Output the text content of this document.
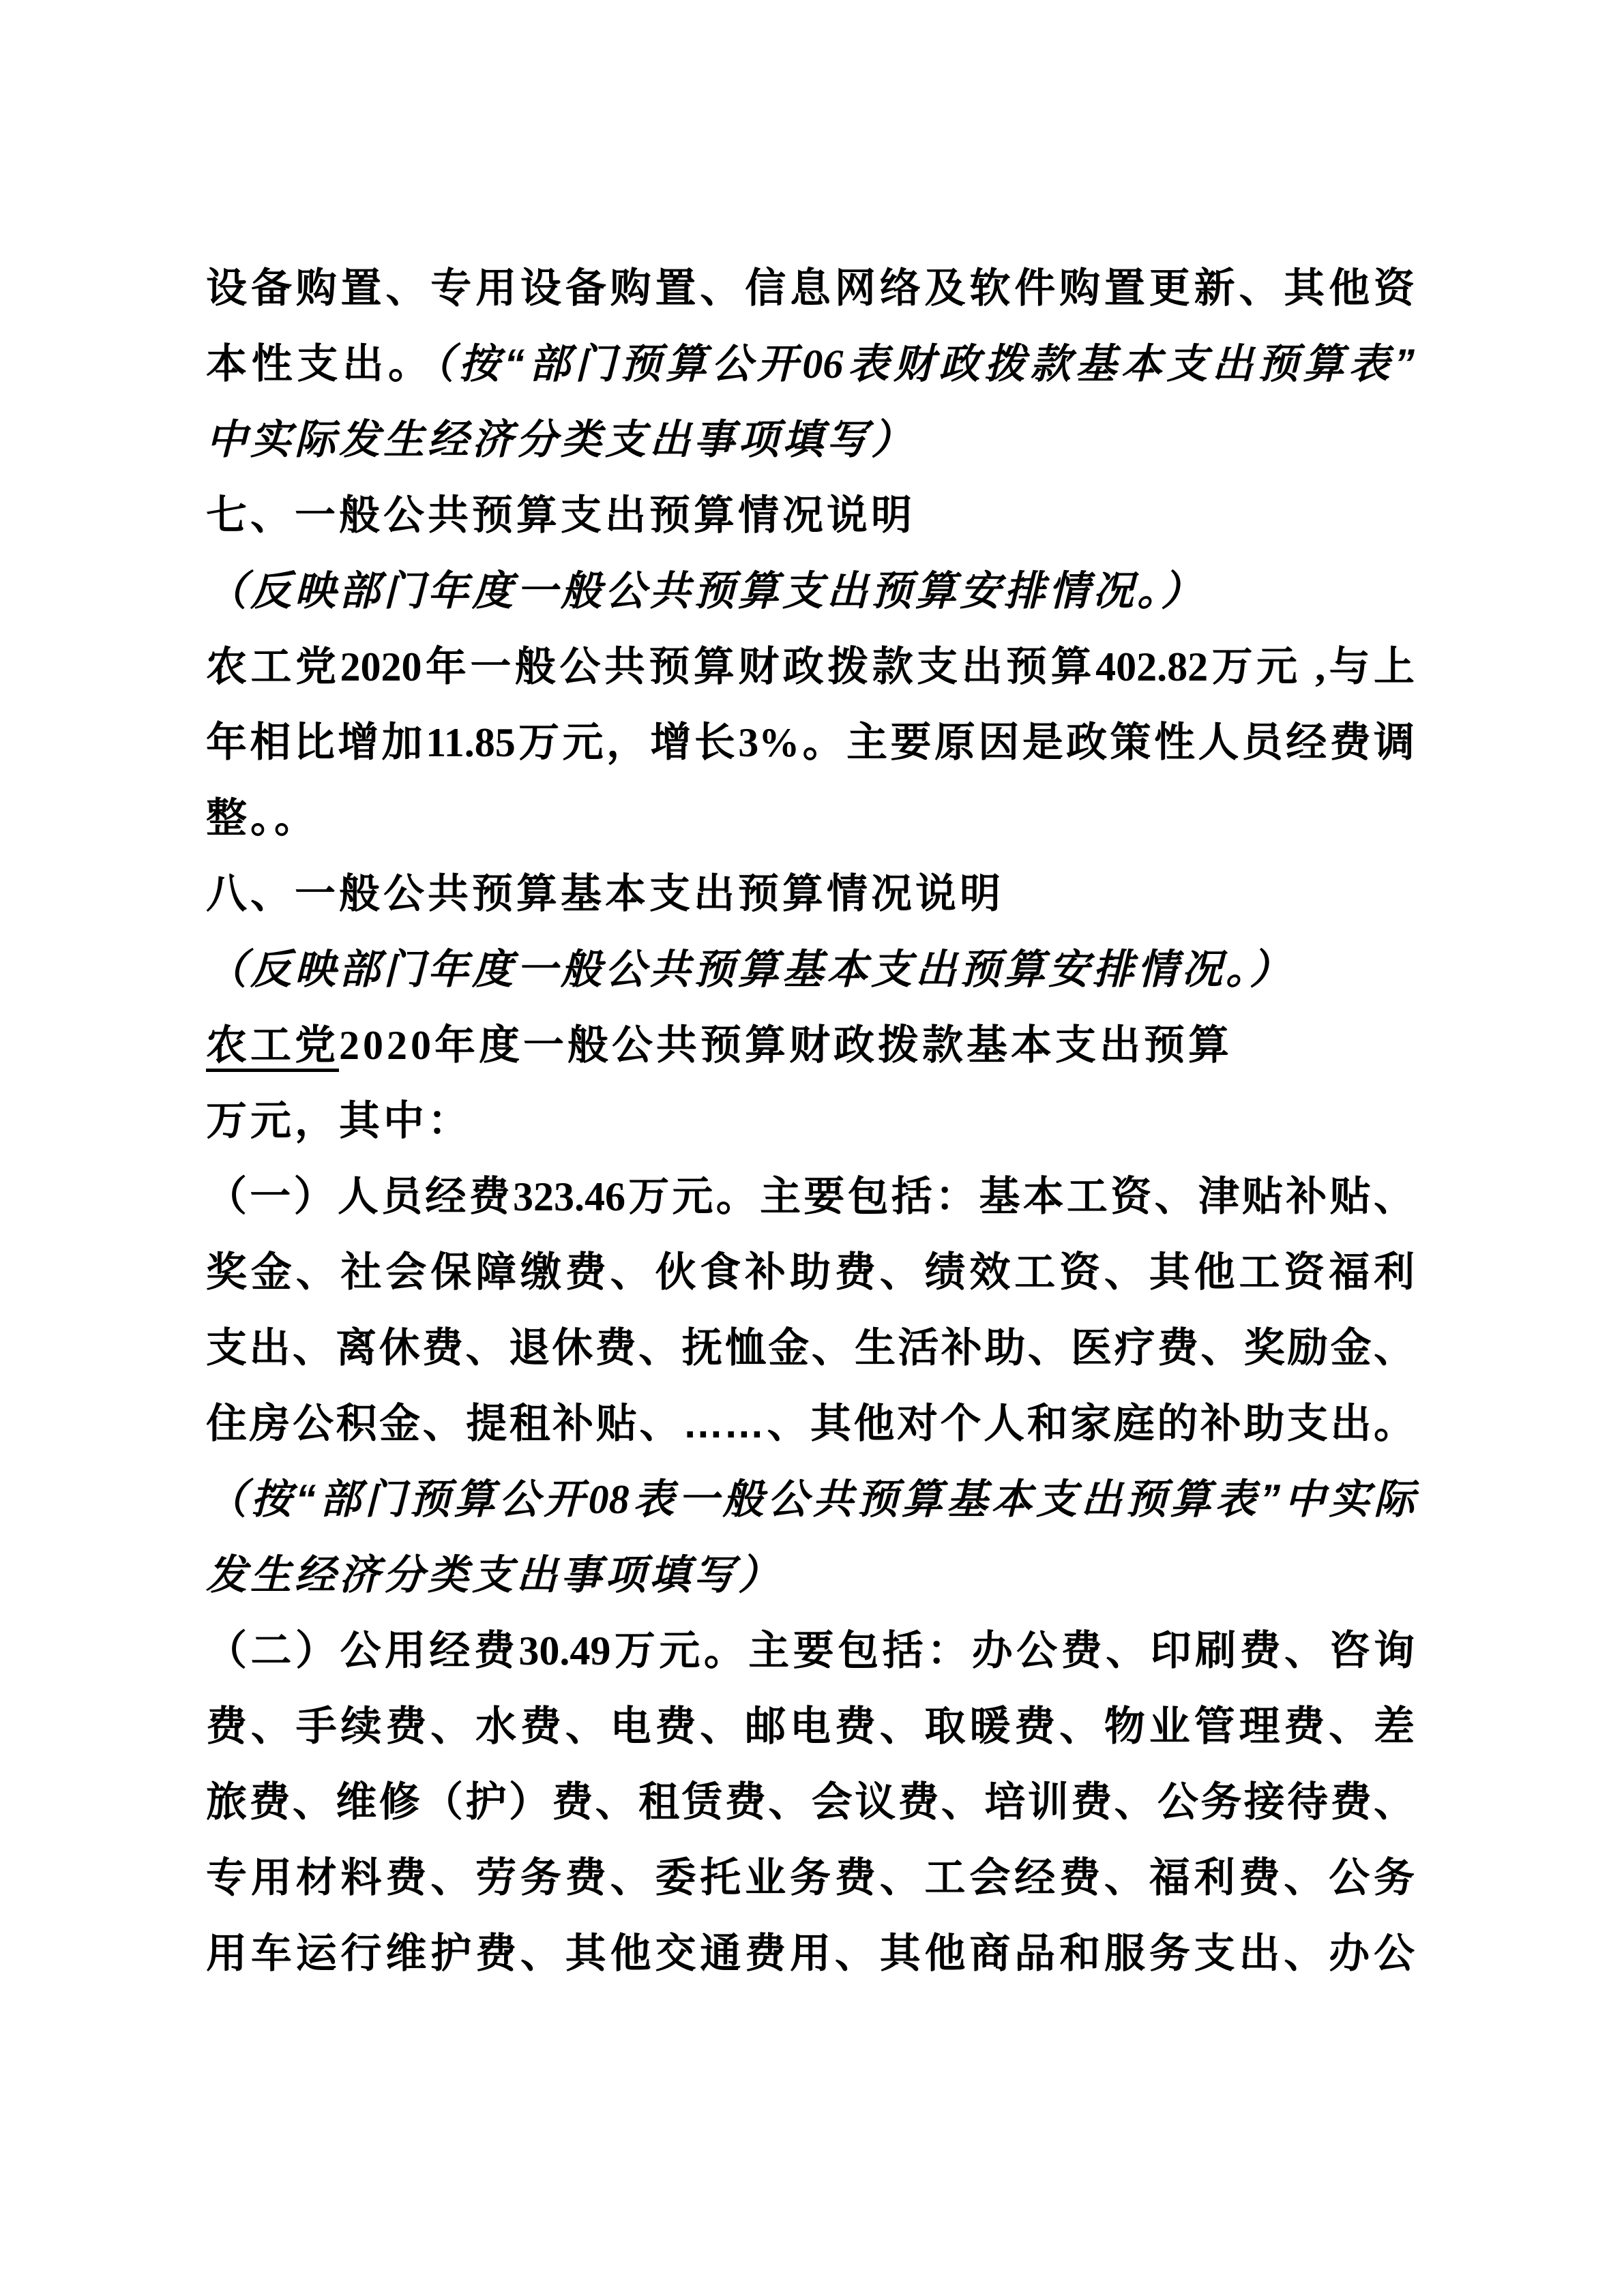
设备购置、专用设备购置、信息网络及软件购置更新、其他资
本性支出。（按“部门预算公开06表财政拨款基本支出预算表”
中实际发生经济分类支出事项填写）
七、一般公共预算支出预算情况说明
（反映部门年度一般公共预算支出预算安排情况。）
农工党2020年一般公共预算财政拨款支出预算402.82万元 ,与上
年相比增加11.85万元，增长3%。主要原因是政策性人员经费调
整。。
八、一般公共预算基本支出预算情况说明
（反映部门年度一般公共预算基本支出预算安排情况。）
农工党2020年度一般公共预算财政拨款基本支出预算
万元，其中：
（一）人员经费323.46万元。主要包括：基本工资、津贴补贴、
奖金、社会保障缴费、伙食补助费、绩效工资、其他工资福利
支出、离休费、退休费、抚恤金、生活补助、医疗费、奖励金、
住房公积金、提租补贴、……、其他对个人和家庭的补助支出。
（按“部门预算公开08表一般公共预算基本支出预算表”中实际
发生经济分类支出事项填写）
（二）公用经费30.49万元。主要包括：办公费、印刷费、咨询
费、手续费、水费、电费、邮电费、取暖费、物业管理费、差
旅费、维修（护）费、租赁费、会议费、培训费、公务接待费、
专用材料费、劳务费、委托业务费、工会经费、福利费、公务
用车运行维护费、其他交通费用、其他商品和服务支出、办公
